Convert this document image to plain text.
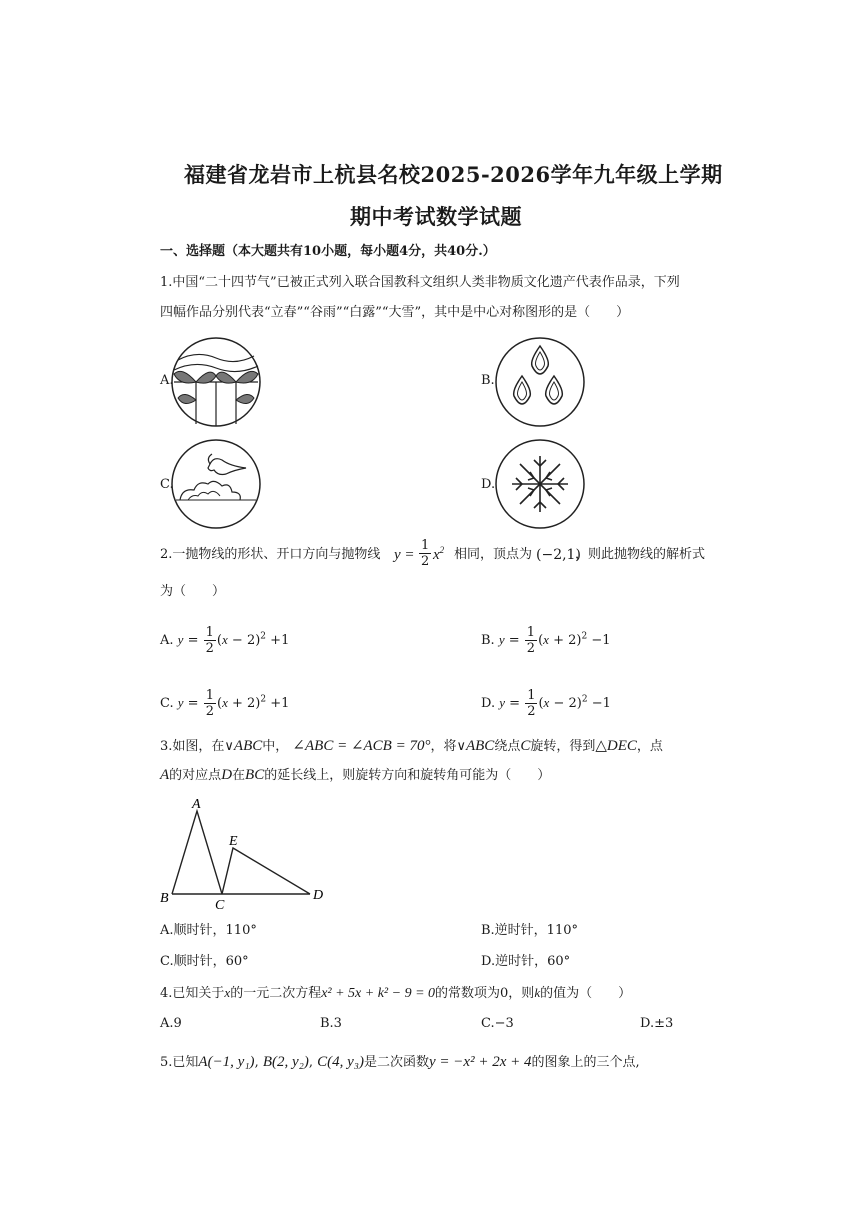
福建省龙岩市上杭县名校2025-2026学年九年级上学期
期中考试数学试题
一、选择题（本大题共有10小题，每小题4分，共40分.）
1.中国“二十四节气”已被正式列入联合国教科文组织人类非物质文化遗产代表作品录，下列
四幅作品分别代表“立春”“谷雨”“白露”“大雪”，其中是中心对称图形的是（　　）
A.	B.
C.	D.
2.一抛物线的形状、开口方向与抛物线 $y = \frac{1}{2} x^2$ 相同，顶点为 (−2,1)
，则此抛物线的解析式
为（　　）
A. $y = \frac{1}{2} (x - 2)^2 +1$	B. $y = \frac{1}{2} (x + 2)^2 -1$
C. $y = \frac{1}{2} (x + 2)^2 +1$	D. $y = \frac{1}{2} (x - 2)^2 -1$
3.如图，在∨ABC中， ∠ABC = ∠ACB = 70°，将∨ABC绕点C旋转，得到△DEC，点
A的对应点D在BC的延长线上，则旋转方向和旋转角可能为（　　）
A
E
B	C
D
A.顺时针，110°	B.逆时针，110°
C.顺时针，60°	D.逆时针，60°
4.已知关于x的一元二次方程x² + 5x + k² − 9 = 0的常数项为0，则k的值为（　　）
A.9	B.3	C.−3	D.±3
5.已知A(−1, y₁), B(2, y₂), C(4, y₃)是二次函数y = −x² + 2x + 4的图象上的三个点,
